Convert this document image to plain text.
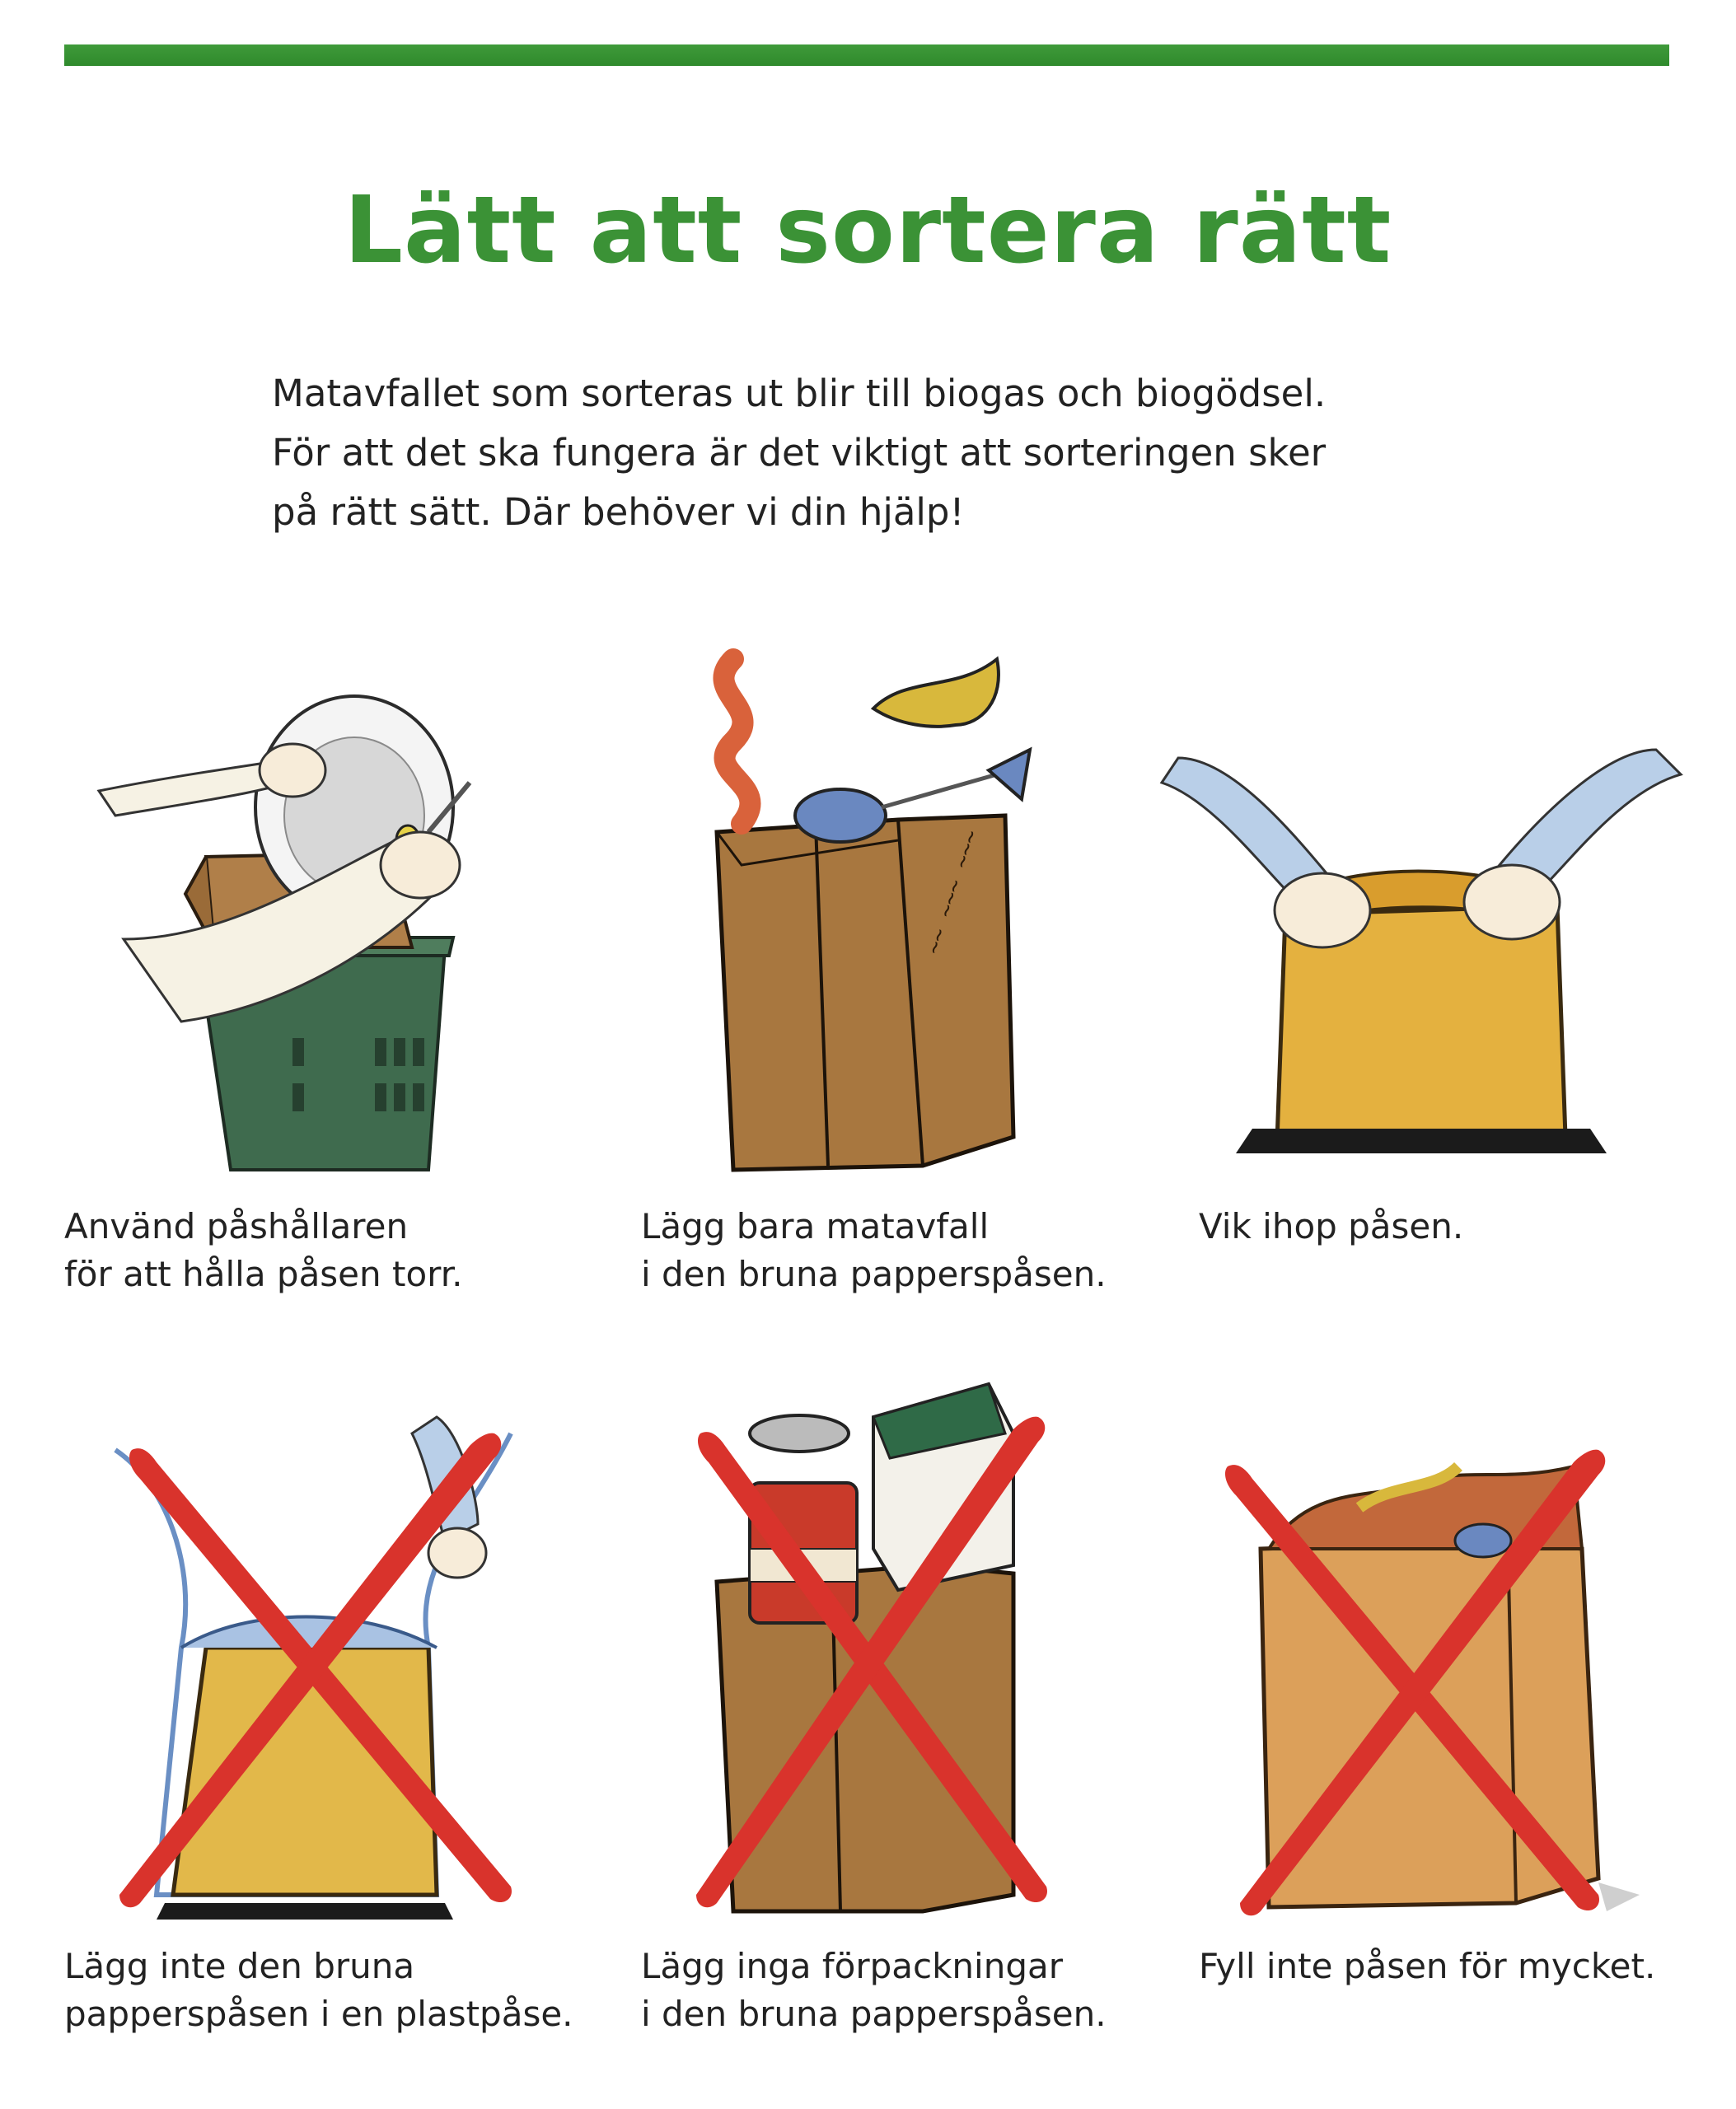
Lätt att sortera rätt
Matavfallet som sorteras ut blir till biogas och biogödsel.
För att det ska fungera är det viktigt att sorteringen sker
på rätt sätt. Där behöver vi din hjälp!
Använd påshållaren
för att hålla påsen torr.
~~ ~~~ ~~~
Lägg bara matavfall
i den bruna papperspåsen.
Vik ihop påsen.
Lägg inte den bruna
papperspåsen i en plastpåse.
Lägg inga förpackningar
i den bruna papperspåsen.
Fyll inte påsen för mycket.
